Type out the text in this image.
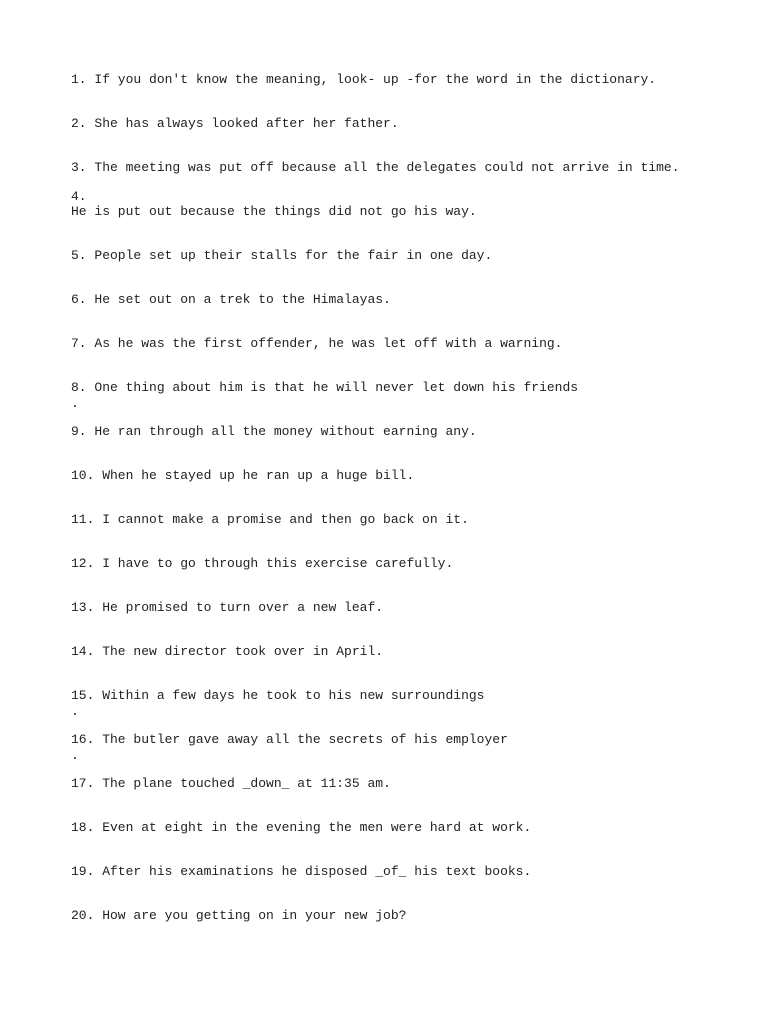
1. If you don't know the meaning, look- up -for the word in the dictionary.

2. She has always looked after her father.

3. The meeting was put off because all the delegates could not arrive in time.

4.

He is put out because the things did not go his way.

5. People set up their stalls for the fair in one day.

6. He set out on a trek to the Himalayas.

7. As he was the first offender, he was let off with a warning.

8. One thing about him is that he will never let down his friends

.

9. He ran through all the money without earning any.

10. When he stayed up he ran up a huge bill.

11. I cannot make a promise and then go back on it.

12. I have to go through this exercise carefully.

13. He promised to turn over a new leaf.

14. The new director took over in April.

15. Within a few days he took to his new surroundings

.

16. The butler gave away all the secrets of his employer

.

17. The plane touched _down_ at 11:35 am.

18. Even at eight in the evening the men were hard at work.

19. After his examinations he disposed _of_ his text books.

20. How are you getting on in your new job?
